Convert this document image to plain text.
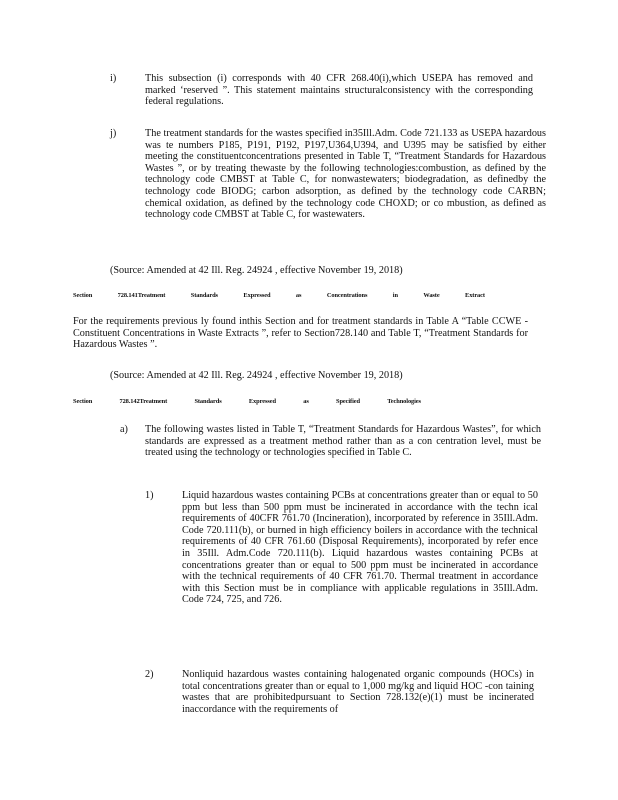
i)	This subsection (i) corresponds with 40 CFR 268.40(i),which USEPA has removed and marked ‘reserved ”. This statement maintains structuralconsistency with the corresponding federal regulations.

j)	The treatment standards for the wastes specified in35Ill.Adm. Code 721.133 as USEPA hazardous was te numbers P185, P191, P192, P197,U364,U394, and U395 may be satisfied by either meeting the constituentconcentrations presented in Table T, “Treatment Standards for Hazardous Wastes ”, or by treating thewaste by the following technologies:combustion, as defined by the technology code CMBST at Table C, for nonwastewaters; biodegradation, as definedby the technology code BIODG; carbon adsorption, as defined by the technology code CARBN; chemical oxidation, as defined by the technology code CHOXD; or co mbustion, as defined as technology code CMBST at Table C, for wastewaters.

(Source: Amended at 42 Ill. Reg. 24924 , effective November 19, 2018)

Section	728.141Treatment	Standards	Expressed	as	Concentrations	in	Waste	Extract

For the requirements previous ly found inthis Section and for treatment standards in Table A “Table CCWE -Constituent Concentrations in Waste Extracts ”, refer to Section728.140 and Table T, “Treatment Standards for Hazardous Wastes ”.

(Source: Amended at 42 Ill. Reg. 24924 , effective November 19, 2018)

Section	728.142Treatment	Standards	Expressed	as	Specified	Technologies
a) The following wastes listed in Table T, “Treatment Standards for Hazardous Wastes”, for which standards are expressed as a treatment method rather than as a con centration level, must be treated using the technology or technologies specified in Table C.

1)	Liquid hazardous wastes containing PCBs at concentrations greater than or equal to 50 ppm but less than 500 ppm must be incinerated in accordance with the techn ical requirements of 40CFR 761.70 (Incineration), incorporated by reference in 35Ill.Adm. Code 720.111(b), or burned in high efficiency boilers in accordance with the technical requirements of 40 CFR 761.60 (Disposal Requirements), incorporated by refer ence in 35Ill. Adm.Code 720.111(b). Liquid hazardous wastes containing PCBs at concentrations greater than or equal to 500 ppm must be incinerated in accordance with the technical requirements of 40 CFR 761.70. Thermal treatment in accordance with this Section must be in compliance with applicable regulations in 35Ill.Adm. Code 724, 725, and 726.

2)	Nonliquid hazardous wastes containing halogenated organic compounds (HOCs) in total concentrations greater than or equal to 1,000 mg/kg and liquid HOC -con taining wastes that are prohibitedpursuant to Section 728.132(e)(1) must be incinerated inaccordance with the requirements of
